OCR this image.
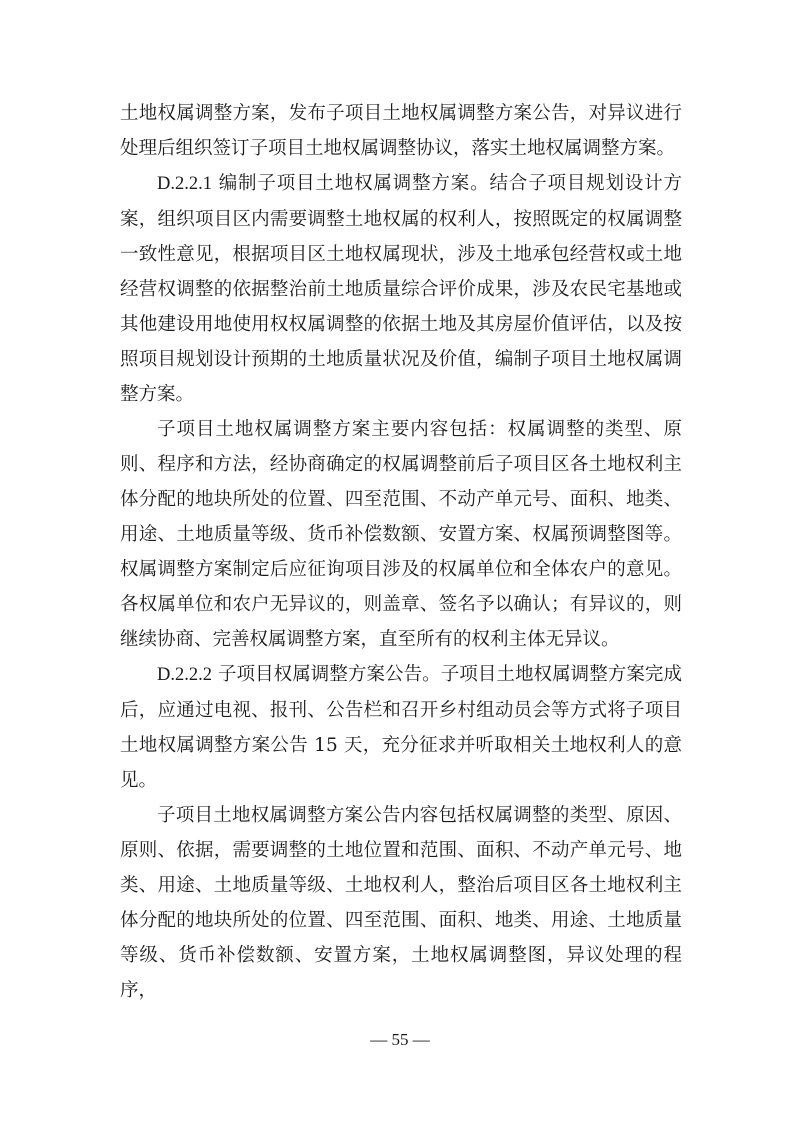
土地权属调整方案，发布子项目土地权属调整方案公告，对异议进行处理后组织签订子项目土地权属调整协议，落实土地权属调整方案。

D.2.2.1 编制子项目土地权属调整方案。结合子项目规划设计方案，组织项目区内需要调整土地权属的权利人，按照既定的权属调整一致性意见，根据项目区土地权属现状，涉及土地承包经营权或土地经营权调整的依据整治前土地质量综合评价成果，涉及农民宅基地或其他建设用地使用权权属调整的依据土地及其房屋价值评估，以及按照项目规划设计预期的土地质量状况及价值，编制子项目土地权属调整方案。

子项目土地权属调整方案主要内容包括：权属调整的类型、原则、程序和方法，经协商确定的权属调整前后子项目区各土地权利主体分配的地块所处的位置、四至范围、不动产单元号、面积、地类、用途、土地质量等级、货币补偿数额、安置方案、权属预调整图等。权属调整方案制定后应征询项目涉及的权属单位和全体农户的意见。各权属单位和农户无异议的，则盖章、签名予以确认；有异议的，则继续协商、完善权属调整方案，直至所有的权利主体无异议。

D.2.2.2 子项目权属调整方案公告。子项目土地权属调整方案完成后，应通过电视、报刊、公告栏和召开乡村组动员会等方式将子项目土地权属调整方案公告 15 天，充分征求并听取相关土地权利人的意见。

子项目土地权属调整方案公告内容包括权属调整的类型、原因、原则、依据，需要调整的土地位置和范围、面积、不动产单元号、地类、用途、土地质量等级、土地权利人，整治后项目区各土地权利主体分配的地块所处的位置、四至范围、面积、地类、用途、土地质量等级、货币补偿数额、安置方案，土地权属调整图，异议处理的程序，

— 55 —
